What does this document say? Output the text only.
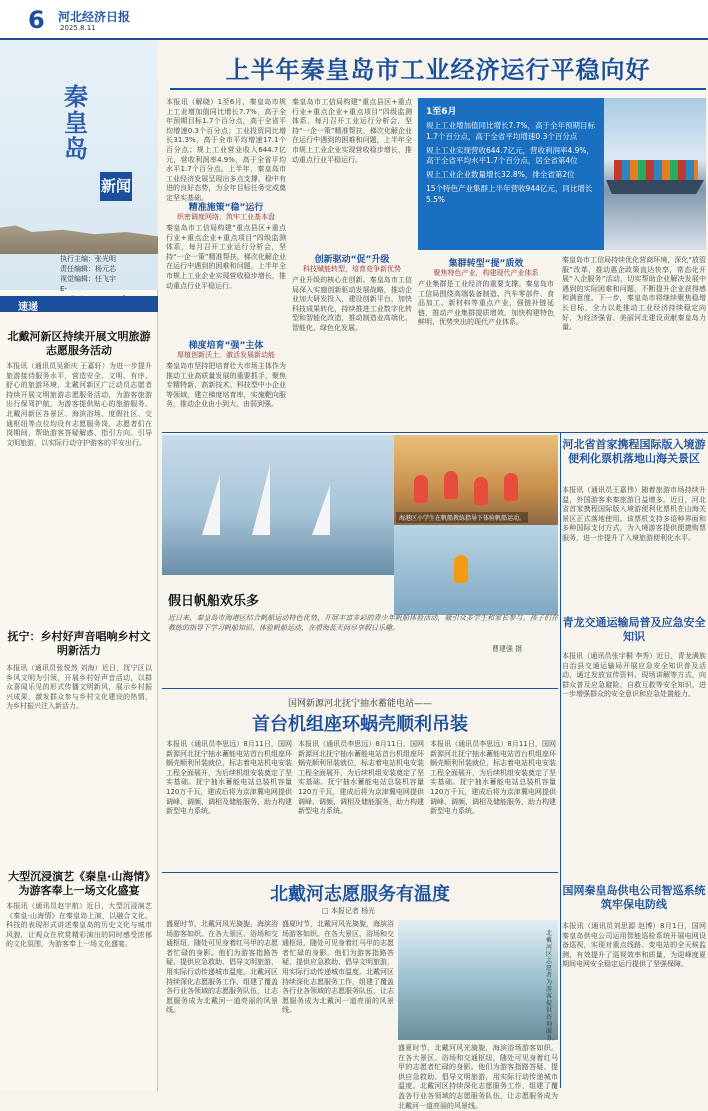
6 河北经济日报
2025.8.11
秦皇岛
新闻
执行主编：张光明
责任编辑：杨元芯
视觉编辑：任飞宇
E-
速递
北戴河新区持续开展文明旅游志愿服务活动
本报讯（通讯员吴新庆 王嘉轩）为进一步提升旅游接待服务水平，营造安全、文明、有序、舒心的旅游环境，北戴河新区广泛动员志愿者持续开展文明旅游志愿服务活动，为游客旅游出行保驾护航，为游客提供贴心的旅游服务。北戴河新区各景区、海滨浴场、度假社区、交通枢纽等点位均设有志愿服务岗，志愿者们在岗期间，帮助游客答疑解惑、指引方向、引导文明旅游，以实际行动守护游客的平安出行。
抚宁：乡村好声音唱响乡村文明新活力
本报讯（通讯员张悦然 刘海）近日，抚宁区以乡风文明为引领，开展乡村好声音活动，以群众喜闻乐见的形式传播文明新风，展示乡村振兴成果，激发群众参与乡村文化建设的热情，为乡村振兴注入新活力。
大型沉浸演艺《秦皇·山海情》为游客奉上一场文化盛宴
本报讯（通讯员赵宇航）近日，大型沉浸演艺《秦皇·山海情》在秦皇岛上演，以融合文化、科技的表现形式讲述秦皇岛的历史文化与城市风貌，让观众在欣赏精彩演出的同时感受浓郁的文化氛围，为游客奉上一场文化盛宴。
上半年秦皇岛市工业经济运行平稳向好
本报讯（解晓）1至6月，秦皇岛市规上工业增加值同比增长7.7%，高于全年预期目标1.7个百分点，高于全省平均增速0.3个百分点；工业投资同比增长31.3%，高于全市平均增速17.1个百分点；规上工业营业收入644.7亿元，营收利润率4.9%，高于全省平均水平1.7个百分点。上半年，秦皇岛市工业经济发展呈现出多点支撑、稳中有进的良好态势，为全年目标任务完成奠定坚实基础。
精准施策“稳”运行
织密调度网络，筑牢工业基本盘
秦皇岛市工信局构建“重点县区+重点行业+重点企业+重点项目”四级监测体系，每月召开工业运行分析会，坚持“一企一策”精准帮扶，梯次化解企业在运行中遇到的困难和问题，上半年全市规上工业企业实现营收稳步增长，推动重点行业平稳运行。
梯度培育“强”主体
厚植创新沃土，激活发展新动能
秦皇岛市坚持把培育壮大市场主体作为推动工业高质量发展的重要抓手，聚焦专精特新、高新技术、科技型中小企业等领域，建立梯度培育库，实施靶向服务，推动企业由小到大、由弱到强。
秦皇岛市工信局构建“重点县区+重点行业+重点企业+重点项目”四级监测体系，每月召开工业运行分析会，坚持“一企一策”精准帮扶，梯次化解企业在运行中遇到的困难和问题，上半年全市规上工业企业实现营收稳步增长，推动重点行业平稳运行。
创新驱动“促”升级
科技赋能转型，培育竞争新优势
产业升级的核心在创新。秦皇岛市工信局深入实施创新驱动发展战略，推动企业加大研发投入，建设创新平台，加快科技成果转化，持续推进工业数字化转型和智能化改造，推动制造业高端化、智能化、绿色化发展。
1至6月
规上工业增加值同比增长7.7%，高于全年预期目标1.7个百分点，高于全省平均增速0.3个百分点
规上工业实现营收644.7亿元，营收利润率4.9%，高于全省平均水平1.7个百分点，居全省第4位
规上工业企业数量增长32.8%，排全省第2位
15个特色产业集群上半年营收944亿元，同比增长5.5%
集群转型“提”质效
聚焦特色产业，构建现代产业体系
产业集群是工业经济的重要支撑。秦皇岛市工信局围绕高端装备制造、汽车零部件、食品加工、新材料等重点产业，强链补链延链，推动产业集群提质增效，加快构建特色鲜明、优势突出的现代产业体系。
秦皇岛市工信局持续优化营商环境，深化“放管服”改革，推动惠企政策直达快享，常态化开展“入企服务”活动，切实帮助企业解决发展中遇到的实际困难和问题，不断提升企业获得感和满意度。下一步，秦皇岛市将继续聚焦稳增长目标，全力以赴推动工业经济持续稳定向好，为经济强省、美丽河北建设贡献秦皇岛力量。
海港区小学生在帆船教练指导下体验帆船运动。
假日帆船欢乐多
近日来，秦皇岛市海港区结合帆船运动特色优势，开展丰富多彩的青少年帆船体验活动，吸引众多学生和家长参与。孩子们在教练的指导下学习帆船知识、体验帆船运动，在碧海蓝天间尽享假日乐趣。
曹建强 摄
国网新源河北抚宁抽水蓄能电站——
首台机组座环蜗壳顺利吊装
本报讯（通讯员李思远）8月11日，国网新源河北抚宁抽水蓄能电站首台机组座环蜗壳顺利吊装就位，标志着电站机电安装工程全面展开，为后续机组安装奠定了坚实基础。抚宁抽水蓄能电站总装机容量120万千瓦，建成后将为京津冀电网提供调峰、调频、调相及储能服务，助力构建新型电力系统。
本报讯（通讯员李思远）8月11日，国网新源河北抚宁抽水蓄能电站首台机组座环蜗壳顺利吊装就位，标志着电站机电安装工程全面展开，为后续机组安装奠定了坚实基础。抚宁抽水蓄能电站总装机容量120万千瓦，建成后将为京津冀电网提供调峰、调频、调相及储能服务，助力构建新型电力系统。
本报讯（通讯员李思远）8月11日，国网新源河北抚宁抽水蓄能电站首台机组座环蜗壳顺利吊装就位，标志着电站机电安装工程全面展开，为后续机组安装奠定了坚实基础。抚宁抽水蓄能电站总装机容量120万千瓦，建成后将为京津冀电网提供调峰、调频、调相及储能服务，助力构建新型电力系统。
北戴河志愿服务有温度
□ 本报记者 杨光
盛夏时节，北戴河风光旖旎，海滨浴场游客如织。在各大景区、浴场和交通枢纽，随处可见身着红马甲的志愿者忙碌的身影。他们为游客指路答疑、提供应急救助、倡导文明旅游，用实际行动传递城市温度。北戴河区持续深化志愿服务工作，组建了覆盖各行业各领域的志愿服务队伍，让志愿服务成为北戴河一道亮丽的风景线。
盛夏时节，北戴河风光旖旎，海滨浴场游客如织。在各大景区、浴场和交通枢纽，随处可见身着红马甲的志愿者忙碌的身影。他们为游客指路答疑、提供应急救助、倡导文明旅游，用实际行动传递城市温度。北戴河区持续深化志愿服务工作，组建了覆盖各行业各领域的志愿服务队伍，让志愿服务成为北戴河一道亮丽的风景线。
北戴河区志愿者为游客提供咨询服务。
盛夏时节，北戴河风光旖旎，海滨浴场游客如织。在各大景区、浴场和交通枢纽，随处可见身着红马甲的志愿者忙碌的身影。他们为游客指路答疑、提供应急救助、倡导文明旅游，用实际行动传递城市温度。北戴河区持续深化志愿服务工作，组建了覆盖各行业各领域的志愿服务队伍，让志愿服务成为北戴河一道亮丽的风景线。
河北省首家携程国际版入境游便利化票机落地山海关景区
本报讯（通讯员王嘉伟）随着旅游市场持续升温，外国游客来秦旅游日益增多。近日，河北省首家携程国际版入境游便利化票机在山海关景区正式落地使用。该票机支持多语种界面和多种国际支付方式，为入境游客提供便捷购票服务，进一步提升了入境旅游便利化水平。
青龙交通运输局普及应急安全知识
本报讯（通讯员张宇桐 李秀）近日，青龙满族自治县交通运输局开展应急安全知识普及活动，通过发放宣传资料、现场讲解等方式，向群众普及应急避险、自救互救等安全知识，进一步增强群众的安全意识和应急处置能力。
国网秦皇岛供电公司智巡系统筑牢保电防线
本报讯（通讯员刘思源 赵博）8月1日，国网秦皇岛供电公司运用智能巡检系统开展电网设备巡视，实现对重点线路、变电站的全天候监测，有效提升了巡视效率和质量，为迎峰度夏期间电网安全稳定运行提供了坚强保障。
